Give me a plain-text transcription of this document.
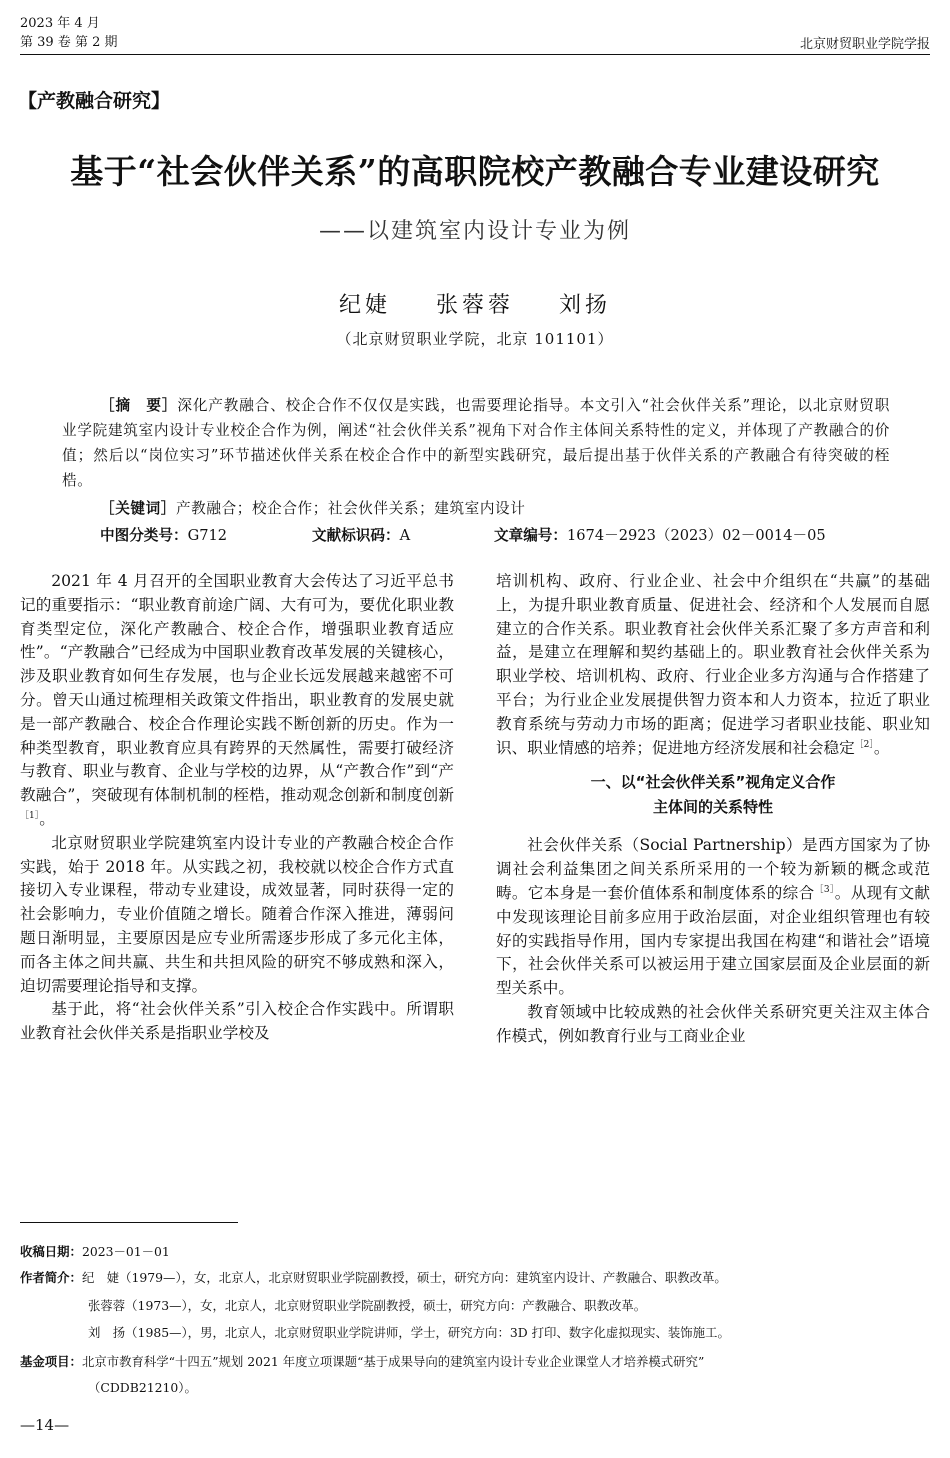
2023 年 4 月
第 39 卷 第 2 期	北京财贸职业学院学报
【产教融合研究】
基于“社会伙伴关系”的高职院校产教融合专业建设研究
——以建筑室内设计专业为例
纪婕 张蓉蓉 刘扬
（北京财贸职业学院，北京 101101）
［摘　要］深化产教融合、校企合作不仅仅是实践，也需要理论指导。本文引入“社会伙伴关系”理论，以北京财贸职业学院建筑室内设计专业校企合作为例，阐述“社会伙伴关系”视角下对合作主体间关系特性的定义，并体现了产教融合的价值；然后以“岗位实习”环节描述伙伴关系在校企合作中的新型实践研究，最后提出基于伙伴关系的产教融合有待突破的桎梏。
［关键词］产教融合；校企合作；社会伙伴关系；建筑室内设计
中图分类号：G712	文献标识码：A	文章编号：1674－2923（2023）02－0014－05

2021 年 4 月召开的全国职业教育大会传达了习近平总书记的重要指示：“职业教育前途广阔、大有可为，要优化职业教育类型定位，深化产教融合、校企合作，增强职业教育适应性”。“产教融合”已经成为中国职业教育改革发展的关键核心，涉及职业教育如何生存发展，也与企业长远发展越来越密不可分。曾天山通过梳理相关政策文件指出，职业教育的发展史就是一部产教融合、校企合作理论实践不断创新的历史。作为一种类型教育，职业教育应具有跨界的天然属性，需要打破经济与教育、职业与教育、企业与学校的边界，从“产教合作”到“产教融合”，突破现有体制机制的桎梏，推动观念创新和制度创新$^{[1]}$。

北京财贸职业学院建筑室内设计专业的产教融合校企合作实践，始于 2018 年。从实践之初，我校就以校企合作方式直接切入专业课程，带动专业建设，成效显著，同时获得一定的社会影响力，专业价值随之增长。随着合作深入推进，薄弱问题日渐明显，主要原因是应专业所需逐步形成了多元化主体，而各主体之间共赢、共生和共担风险的研究不够成熟和深入，迫切需要理论指导和支撑。

基于此，将“社会伙伴关系”引入校企合作实践中。所谓职业教育社会伙伴关系是指职业学校及

培训机构、政府、行业企业、社会中介组织在“共赢”的基础上，为提升职业教育质量、促进社会、经济和个人发展而自愿建立的合作关系。职业教育社会伙伴关系汇聚了多方声音和利益，是建立在理解和契约基础上的。职业教育社会伙伴关系为职业学校、培训机构、政府、行业企业多方沟通与合作搭建了平台；为行业企业发展提供智力资本和人力资本，拉近了职业教育系统与劳动力市场的距离；促进学习者职业技能、职业知识、职业情感的培养；促进地方经济发展和社会稳定$^{[2]}$。

一、以“社会伙伴关系”视角定义合作
主体间的关系特性

社会伙伴关系（Social Partnership）是西方国家为了协调社会利益集团之间关系所采用的一个较为新颖的概念或范畴。它本身是一套价值体系和制度体系的综合$^{[3]}$。从现有文献中发现该理论目前多应用于政治层面，对企业组织管理也有较好的实践指导作用，国内专家提出我国在构建“和谐社会”语境下，社会伙伴关系可以被运用于建立国家层面及企业层面的新型关系中。

教育领域中比较成熟的社会伙伴关系研究更关注双主体合作模式，例如教育行业与工商业企业

收稿日期：2023－01－01
作者简介：纪　婕（1979—），女，北京人，北京财贸职业学院副教授，硕士，研究方向：建筑室内设计、产教融合、职教改革。
张蓉蓉（1973—），女，北京人，北京财贸职业学院副教授，硕士，研究方向：产教融合、职教改革。
刘　扬（1985—），男，北京人，北京财贸职业学院讲师，学士，研究方向：3D 打印、数字化虚拟现实、装饰施工。
基金项目：北京市教育科学“十四五”规划 2021 年度立项课题“基于成果导向的建筑室内设计专业企业课堂人才培养模式研究”
（CDDB21210）。
—14—
